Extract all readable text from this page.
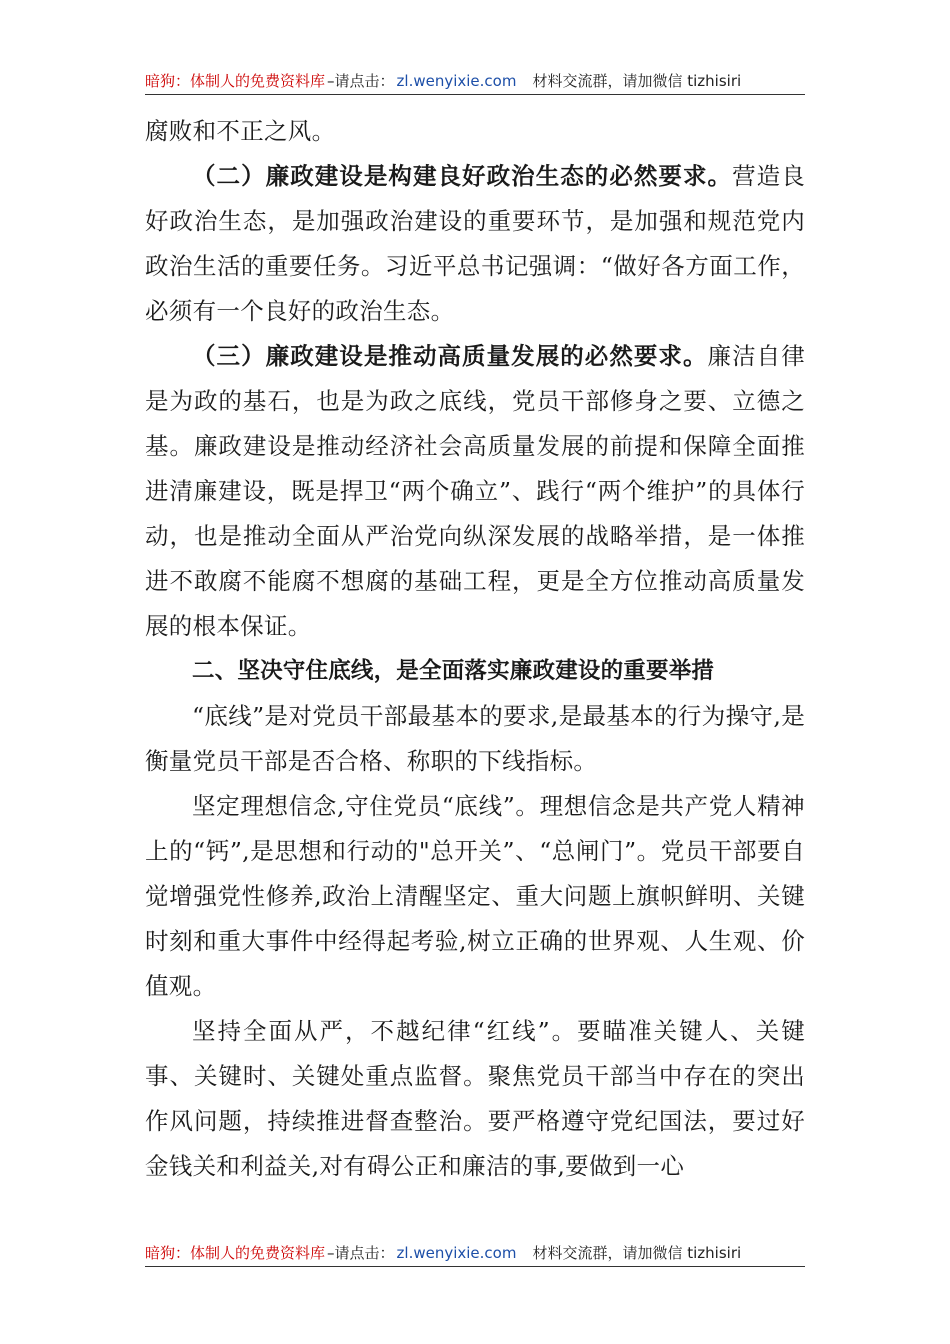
暗狗：体制人的免费资料库 –请点击： zl.wenyixie.com 材料交流群，请加微信 tizhisiri

腐败和不正之风。

（二）廉政建设是构建良好政治生态的必然要求。营造良好政治生态，是加强政治建设的重要环节，是加强和规范党内政治生活的重要任务。习近平总书记强调：“做好各方面工作，必须有一个良好的政治生态。

（三）廉政建设是推动高质量发展的必然要求。廉洁自律是为政的基石，也是为政之底线，党员干部修身之要、立德之基。廉政建设是推动经济社会高质量发展的前提和保障全面推进清廉建设，既是捍卫“两个确立”、践行“两个维护”的具体行动，也是推动全面从严治党向纵深发展的战略举措，是一体推进不敢腐不能腐不想腐的基础工程，更是全方位推动高质量发展的根本保证。

二、坚决守住底线，是全面落实廉政建设的重要举措

“底线”是对党员干部最基本的要求,是最基本的行为操守,是衡量党员干部是否合格、称职的下线指标。

坚定理想信念,守住党员“底线”。理想信念是共产党人精神上的“钙”,是思想和行动的"总开关”、“总闸门”。党员干部要自觉增强党性修养,政治上清醒坚定、重大问题上旗帜鲜明、关键时刻和重大事件中经得起考验,树立正确的世界观、人生观、价值观。

坚持全面从严，不越纪律“红线”。要瞄准关键人、关键事、关键时、关键处重点监督。聚焦党员干部当中存在的突出作风问题，持续推进督查整治。要严格遵守党纪国法，要过好金钱关和利益关,对有碍公正和廉洁的事,要做到一心

暗狗：体制人的免费资料库 –请点击： zl.wenyixie.com 材料交流群，请加微信 tizhisiri
